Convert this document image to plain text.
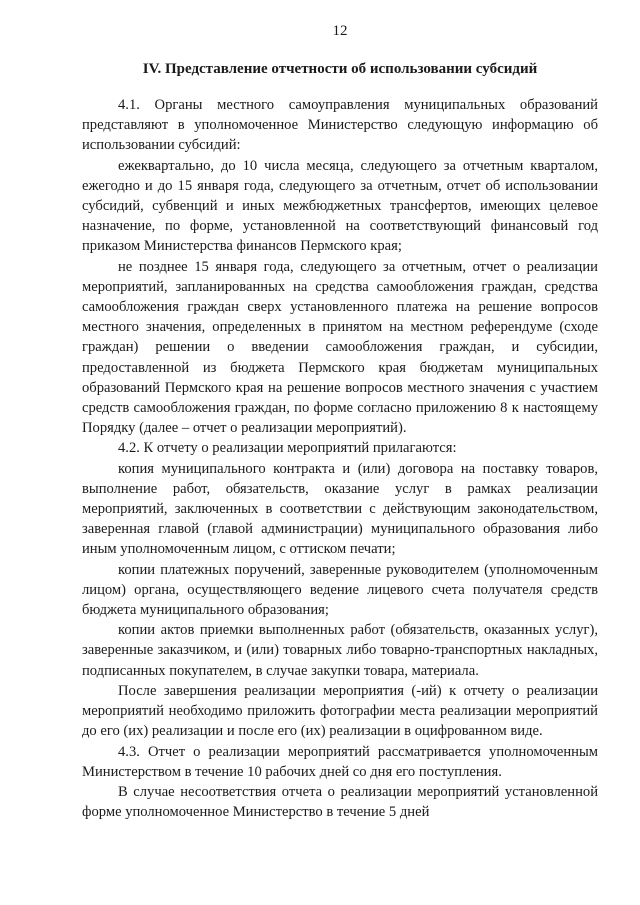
12
IV. Представление отчетности об использовании субсидий

4.1. Органы местного самоуправления муниципальных образований представляют в уполномоченное Министерство следующую информацию об использовании субсидий:

ежеквартально, до 10 числа месяца, следующего за отчетным кварталом, ежегодно и до 15 января года, следующего за отчетным, отчет об использовании субсидий, субвенций и иных межбюджетных трансфертов, имеющих целевое назначение, по форме, установленной на соответствующий финансовый год приказом Министерства финансов Пермского края;

не позднее 15 января года, следующего за отчетным, отчет о реализации мероприятий, запланированных на средства самообложения граждан, средства самообложения граждан сверх установленного платежа на решение вопросов местного значения, определенных в принятом на местном референдуме (сходе граждан) решении о введении самообложения граждан, и субсидии, предоставленной из бюджета Пермского края бюджетам муниципальных образований Пермского края на решение вопросов местного значения с участием средств самообложения граждан, по форме согласно приложению 8 к настоящему Порядку (далее – отчет о реализации мероприятий).

4.2. К отчету о реализации мероприятий прилагаются:

копия муниципального контракта и (или) договора на поставку товаров, выполнение работ, обязательств, оказание услуг в рамках реализации мероприятий, заключенных в соответствии с действующим законодательством, заверенная главой (главой администрации) муниципального образования либо иным уполномоченным лицом, с оттиском печати;

копии платежных поручений, заверенные руководителем (уполномоченным лицом) органа, осуществляющего ведение лицевого счета получателя средств бюджета муниципального образования;

копии актов приемки выполненных работ (обязательств, оказанных услуг), заверенные заказчиком, и (или) товарных либо товарно-транспортных накладных, подписанных покупателем, в случае закупки товара, материала.

После завершения реализации мероприятия (-ий) к отчету о реализации мероприятий необходимо приложить фотографии места реализации мероприятий до его (их) реализации и после его (их) реализации в оцифрованном виде.

4.3. Отчет о реализации мероприятий рассматривается уполномоченным Министерством в течение 10 рабочих дней со дня его поступления.

В случае несоответствия отчета о реализации мероприятий установленной форме уполномоченное Министерство в течение 5 дней
